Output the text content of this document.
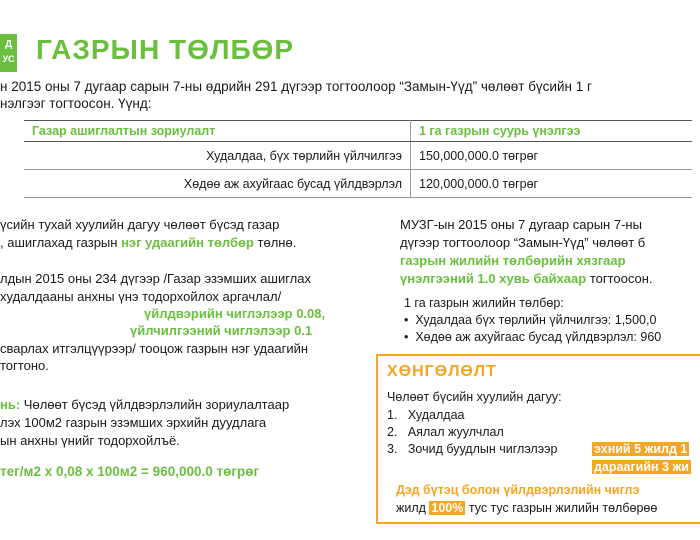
Д
УС ГАЗРЫН ТӨЛБӨР
н 2015 оны 7 дугаар сарын 7-ны өдрийн 291 дүгээр тогтоолоор “Замын-Үүд” чөлөөт бүсийн 1 г
нэлгээг тогтоосон. Үүнд:
Газар ашиглалтын зориулалт	1 га газрын суурь үнэлгээ
Худалдаа, бүх төрлийн үйлчилгээ	150,000,000.0 төгрөг
Хөдөө аж ахуйгаас бусад үйлдвэрлэл	120,000,000.0 төгрөг
үсийн тухай хуулийн дагуу чөлөөт бүсэд газар
, ашиглахад газрын нэг удаагийн төлбөр төлнө.
лдын 2015 оны 234 дүгээр /Газар эзэмших ашиглах
худалдааны анхны үнэ тодорхойлох аргачлал/
үйлдвэрийн чиглэлээр 0.08,
үйлчилгээний чиглэлээр 0.1
сварлах итгэлцүүрээр/ тооцож газрын нэг удаагийн
тогтоно.
нь: Чөлөөт бүсэд үйлдвэрлэлийн зориулалтаар
лэх 100м2 газрын эзэмших эрхийн дуудлага
ын анхны үнийг тодорхойлъё.
тег/м2 х 0,08 х 100м2 = 960,000.0 төгрөг
МУЗГ-ын 2015 оны 7 дугаар сарын 7-ны
дүгээр тогтоолоор “Замын-Үүд” чөлөөт б
газрын жилийн төлбөрийн хязгаар
үнэлгээний 1.0 хувь байхаар тогтоосон.
1 га газрын жилийн төлбөр:
•  Худалдаа бүх төрлийн үйлчилгээ: 1,500,0
•  Хөдөө аж ахуйгаас бусад үйлдвэрлэл: 960
ХӨНГӨЛӨЛТ
Чөлөөт бүсийн хуулийн дагуу:
1.   Худалдаа
2.   Аялал жуулчлал
3.   Зочид буудлын чиглэлээр	эхний 5 жилд 1
дараагийн 3 жи
Дэд бүтэц болон үйлдвэрлэлийн чиглэ
жилд 100% тус тус газрын жилийн төлбөрөө
